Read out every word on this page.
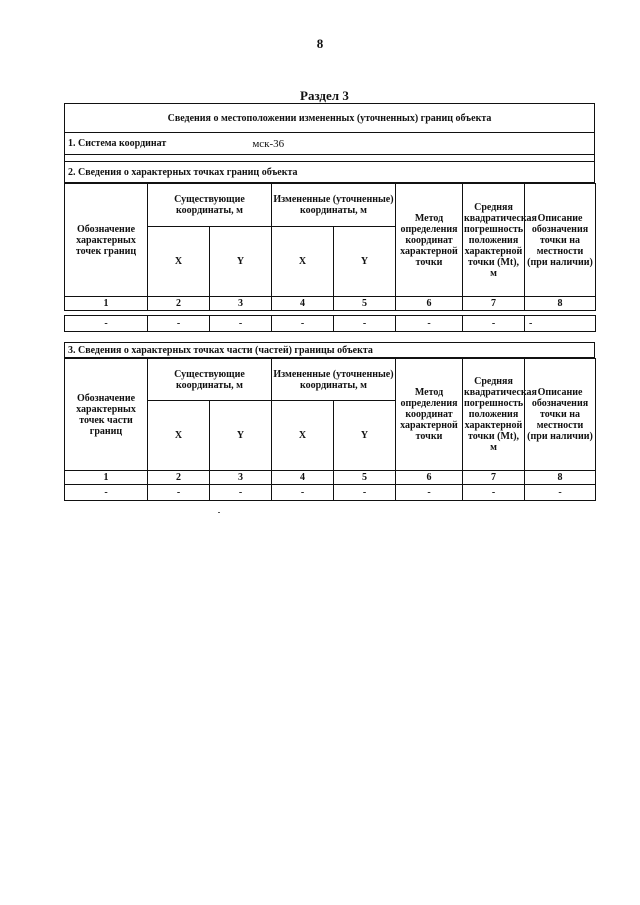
8
Раздел 3
Сведения о местоположении измененных (уточненных) границ объекта
1. Система координат	мск-36
2. Сведения о характерных точках границ объекта
Обозначение характерных точек границ	Существующие координаты, м		Измененные (уточненные) координаты, м		Метод определения координат характерной точки	Средняя квадратическая погрешность положения характерной точки (Mt), м	Описание обозначения точки на местности (при наличии)
	X	Y	X	Y			
1	2	3	4	5	6	7	8

-	-	-	-	-	-	-	-
3. Сведения о характерных точках части (частей) границы объекта
Обозначение характерных точек части границ	Существующие координаты, м		Измененные (уточненные) координаты, м		Метод определения координат характерной точки	Средняя квадратическая погрешность положения характерной точки (Mt), м	Описание обозначения точки на местности (при наличии)
	X	Y	X	Y			
1	2	3	4	5	6	7	8
-	-	-	-	-	-	-	-
